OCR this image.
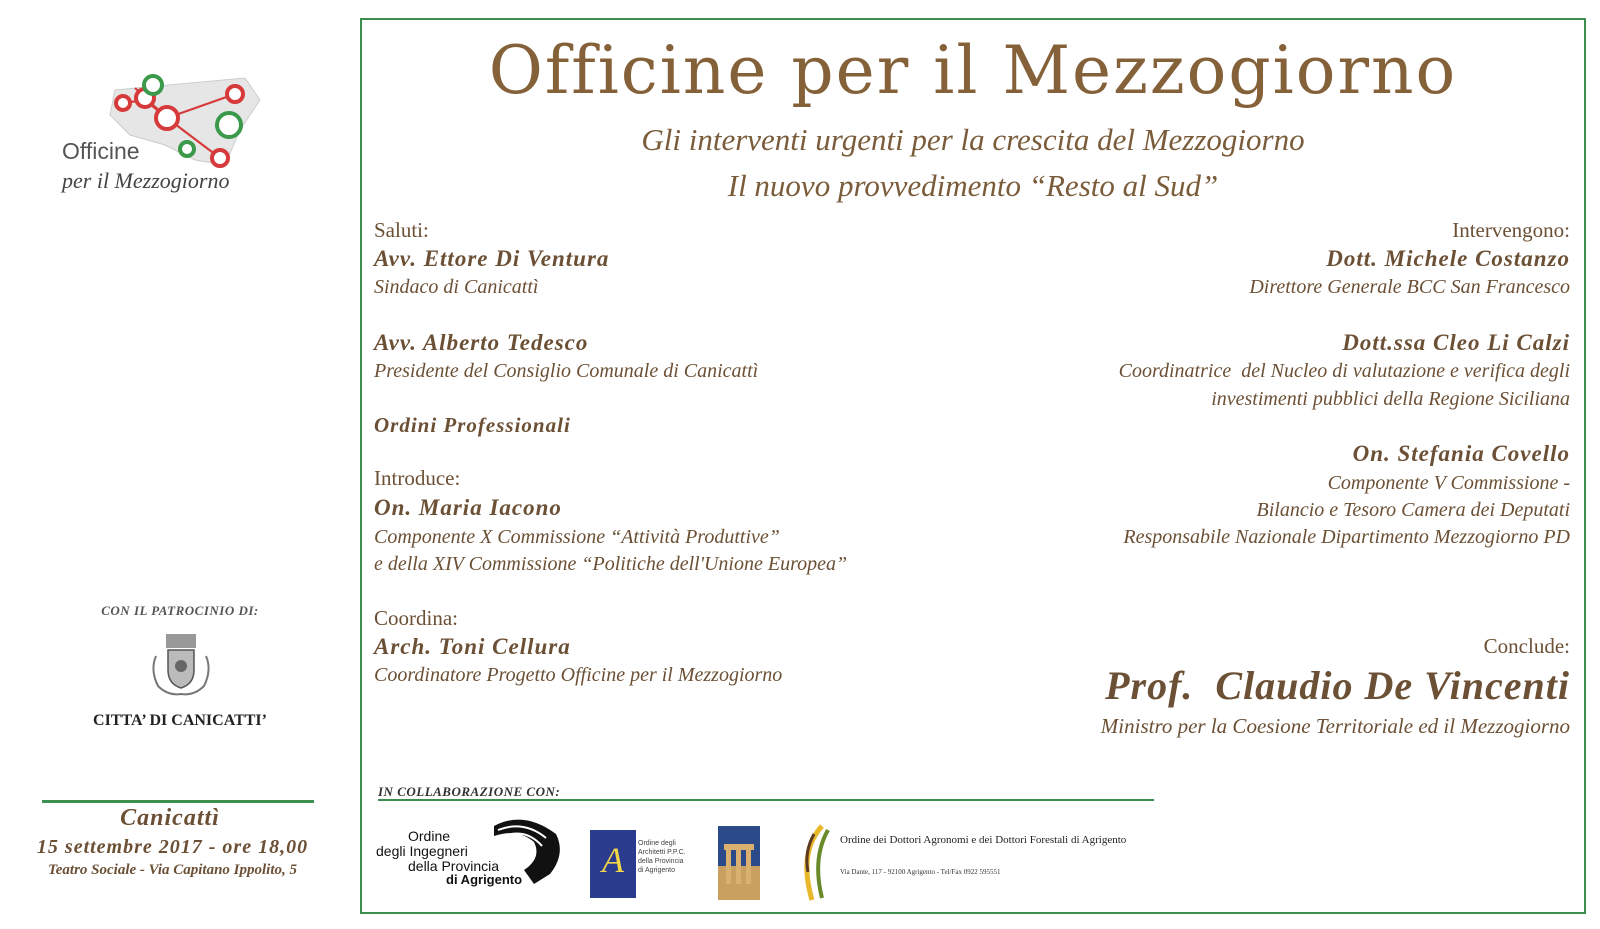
Officine
per il Mezzogiorno
CON IL PATROCINIO DI:
CITTA’ DI CANICATTI’
Canicattì
15 settembre 2017 - ore 18,00
Teatro Sociale - Via Capitano Ippolito, 5
Officine per il Mezzogiorno
Gli interventi urgenti per la crescita del Mezzogiorno
Il nuovo provvedimento “Resto al Sud”
Saluti:
Avv. Ettore Di Ventura
Sindaco di Canicattì
Avv. Alberto Tedesco
Presidente del Consiglio Comunale di Canicattì
Ordini Professionali
Introduce:
On. Maria Iacono
Componente X Commissione “Attività Produttive”
e della XIV Commissione “Politiche dell'Unione Europea”
Coordina:
Arch. Toni Cellura
Coordinatore Progetto Officine per il Mezzogiorno
Intervengono:
Dott. Michele Costanzo
Direttore Generale BCC San Francesco
Dott.ssa Cleo Li Calzi
Coordinatrice  del Nucleo di valutazione e verifica degli
investimenti pubblici della Regione Siciliana
On. Stefania Covello
Componente V Commissione -
Bilancio e Tesoro Camera dei Deputati
Responsabile Nazionale Dipartimento Mezzogiorno PD
Conclude:
Prof.  Claudio De Vincenti
Ministro per la Coesione Territoriale ed il Mezzogiorno
IN COLLABORAZIONE CON:
Ordine
degli Ingegneri
della Provincia
di Agrigento	A	Ordine degli
Architetti P.P.C.
della Provincia
di Agrigento
Ordine dei Dottori Agronomi e dei Dottori Forestali di Agrigento
Via Dante, 117 - 92100 Agrigento - Tel/Fax 0922 595551
